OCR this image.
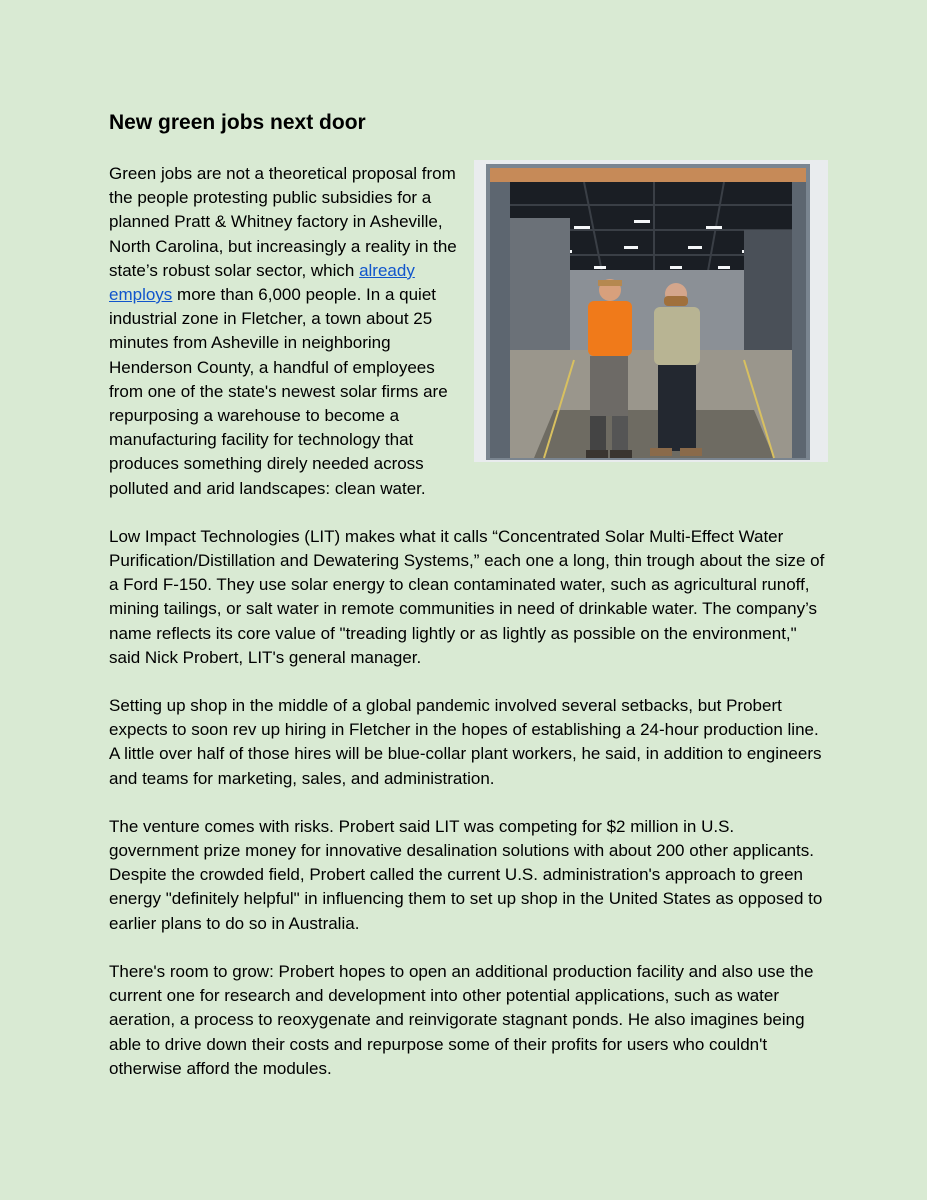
New green jobs next door

Green jobs are not a theoretical proposal from the people protesting public subsidies for a planned Pratt & Whitney factory in Asheville, North Carolina, but increasingly a reality in the state’s robust solar sector, which already employs more than 6,000 people. In a quiet industrial zone in Fletcher, a town about 25 minutes from Asheville in neighboring Henderson County, a handful of employees from one of the state's newest solar firms are repurposing a warehouse to become a manufacturing facility for technology that produces something direly needed across polluted and arid landscapes: clean water.

Low Impact Technologies (LIT) makes what it calls “Concentrated Solar Multi-Effect Water Purification/Distillation and Dewatering Systems,” each one a long, thin trough about the size of a Ford F-150. They use solar energy to clean contaminated water, such as agricultural runoff, mining tailings, or salt water in remote communities in need of drinkable water. The company’s name reflects its core value of "treading lightly or as lightly as possible on the environment," said Nick Probert, LIT's general manager.

Setting up shop in the middle of a global pandemic involved several setbacks, but Probert expects to soon rev up hiring in Fletcher in the hopes of establishing a 24-hour production line. A little over half of those hires will be blue-collar plant workers, he said, in addition to engineers and teams for marketing, sales, and administration.

The venture comes with risks. Probert said LIT was competing for $2 million in U.S. government prize money for innovative desalination solutions with about 200 other applicants. Despite the crowded field, Probert called the current U.S. administration's approach to green energy "definitely helpful" in influencing them to set up shop in the United States as opposed to earlier plans to do so in Australia.

There's room to grow: Probert hopes to open an additional production facility and also use the current one for research and development into other potential applications, such as water aeration, a process to reoxygenate and reinvigorate stagnant ponds. He also imagines being able to drive down their costs and repurpose some of their profits for users who couldn't otherwise afford the modules.
